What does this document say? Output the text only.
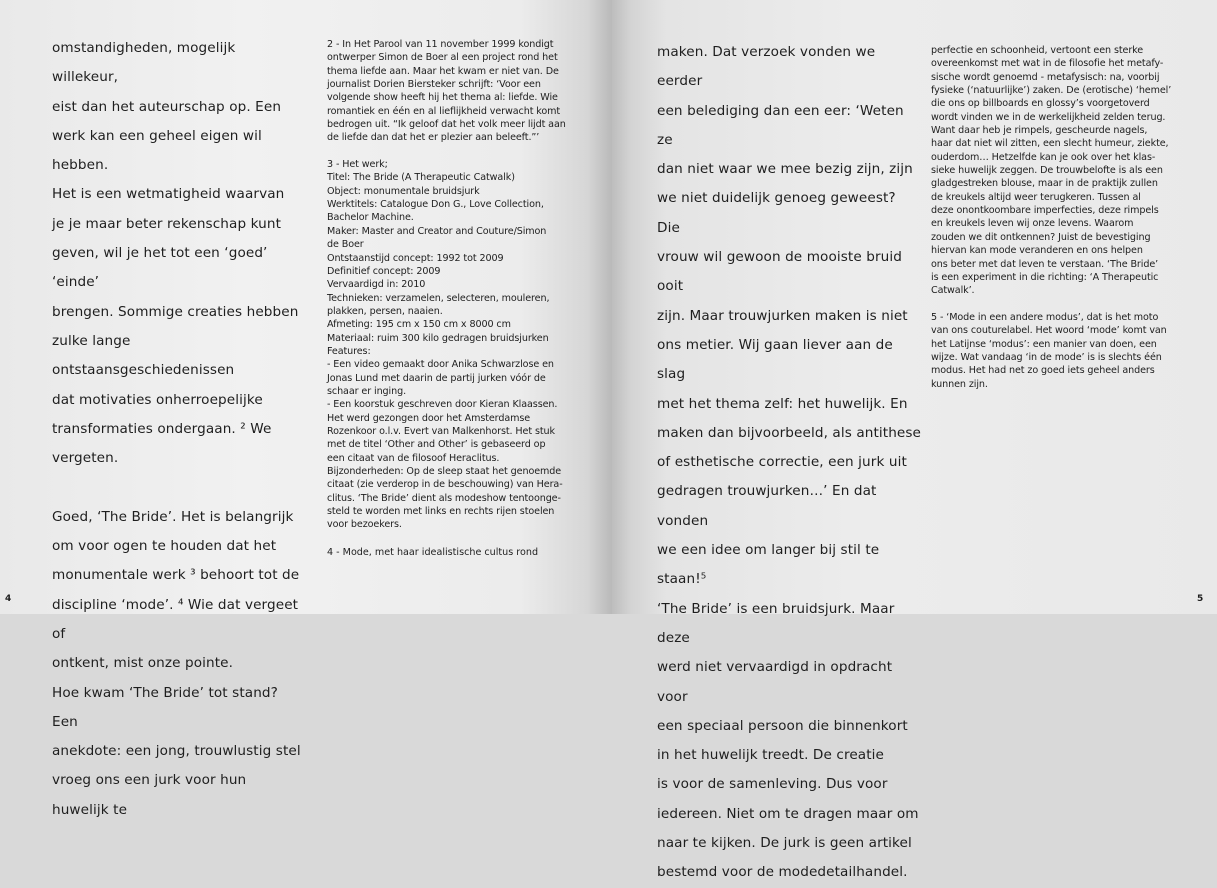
omstandigheden, mogelijk willekeur,

eist dan het auteurschap op. Een

werk kan een geheel eigen wil hebben.

Het is een wetmatigheid waarvan

je je maar beter rekenschap kunt

geven, wil je het tot een ‘goed’ ‘einde’

brengen. Sommige creaties hebben

zulke lange ontstaansgeschiedenissen

dat motivaties onherroepelijke

transformaties ondergaan. ² We

vergeten.

Goed, ‘The Bride’. Het is belangrijk

om voor ogen te houden dat het

monumentale werk ³ behoort tot de

discipline ‘mode’. ⁴ Wie dat vergeet of

ontkent, mist onze pointe.

Hoe kwam ‘The Bride’ tot stand? Een

anekdote: een jong, trouwlustig stel

vroeg ons een jurk voor hun huwelijk te

2 - In Het Parool van 11 november 1999 kondigt

ontwerper Simon de Boer al een project rond het

thema liefde aan. Maar het kwam er niet van. De

journalist Dorien Biersteker schrijft: ‘Voor een

volgende show heeft hij het thema al: liefde. Wie

romantiek en één en al lieflijkheid verwacht komt

bedrogen uit. “Ik geloof dat het volk meer lijdt aan

de liefde dan dat het er plezier aan beleeft.”’

3 - Het werk;

Titel: The Bride (A Therapeutic Catwalk)

Object: monumentale bruidsjurk

Werktitels: Catalogue Don G., Love Collection,

Bachelor Machine.

Maker: Master and Creator and Couture/Simon

de Boer

Ontstaanstijd concept: 1992 tot 2009

Definitief concept: 2009

Vervaardigd in: 2010

Technieken: verzamelen, selecteren, mouleren,

plakken, persen, naaien.

Afmeting: 195 cm x 150 cm x 8000 cm

Materiaal: ruim 300 kilo gedragen bruidsjurken

Features:

- Een video gemaakt door Anika Schwarzlose en

Jonas Lund met daarin de partij jurken vóór de

schaar er inging.

- Een koorstuk geschreven door Kieran Klaassen.

Het werd gezongen door het Amsterdamse

Rozenkoor o.l.v. Evert van Malkenhorst. Het stuk

met de titel ‘Other and Other’ is gebaseerd op

een citaat van de filosoof Heraclitus.

Bijzonderheden: Op de sleep staat het genoemde

citaat (zie verderop in de beschouwing) van Hera-

clitus. ‘The Bride’ dient als modeshow tentoonge-

steld te worden met links en rechts rijen stoelen

voor bezoekers.

4 - Mode, met haar idealistische cultus rond

4

maken. Dat verzoek vonden we eerder

een belediging dan een eer: ‘Weten ze

dan niet waar we mee bezig zijn, zijn

we niet duidelijk genoeg geweest? Die

vrouw wil gewoon de mooiste bruid ooit

zijn. Maar trouwjurken maken is niet

ons metier. Wij gaan liever aan de slag

met het thema zelf: het huwelijk. En

maken dan bijvoorbeeld, als antithese

of esthetische correctie, een jurk uit

gedragen trouwjurken…’ En dat vonden

we een idee om langer bij stil te staan!⁵

‘The Bride’ is een bruidsjurk. Maar deze

werd niet vervaardigd in opdracht voor

een speciaal persoon die binnenkort

in het huwelijk treedt. De creatie

is voor de samenleving. Dus voor

iedereen. Niet om te dragen maar om

naar te kijken. De jurk is geen artikel

bestemd voor de modedetailhandel.

perfectie en schoonheid, vertoont een sterke

overeenkomst met wat in de filosofie het metafy-

sische wordt genoemd - metafysisch: na, voorbij

fysieke (‘natuurlijke’) zaken. De (erotische) ‘hemel’

die ons op billboards en glossy’s voorgetoverd

wordt vinden we in de werkelijkheid zelden terug.

Want daar heb je rimpels, gescheurde nagels,

haar dat niet wil zitten, een slecht humeur, ziekte,

ouderdom… Hetzelfde kan je ook over het klas-

sieke huwelijk zeggen. De trouwbelofte is als een

gladgestreken blouse, maar in de praktijk zullen

de kreukels altijd weer terugkeren. Tussen al

deze onontkoombare imperfecties, deze rimpels

en kreukels leven wij onze levens. Waarom

zouden we dit ontkennen? Juist de bevestiging

hiervan kan mode veranderen en ons helpen

ons beter met dat leven te verstaan. ‘The Bride’

is een experiment in die richting: ‘A Therapeutic

Catwalk’.

5 - ‘Mode in een andere modus’, dat is het moto

van ons couturelabel. Het woord ‘mode’ komt van

het Latijnse ‘modus’: een manier van doen, een

wijze. Wat vandaag ‘in de mode’ is is slechts één

modus. Het had net zo goed iets geheel anders

kunnen zijn.

5
